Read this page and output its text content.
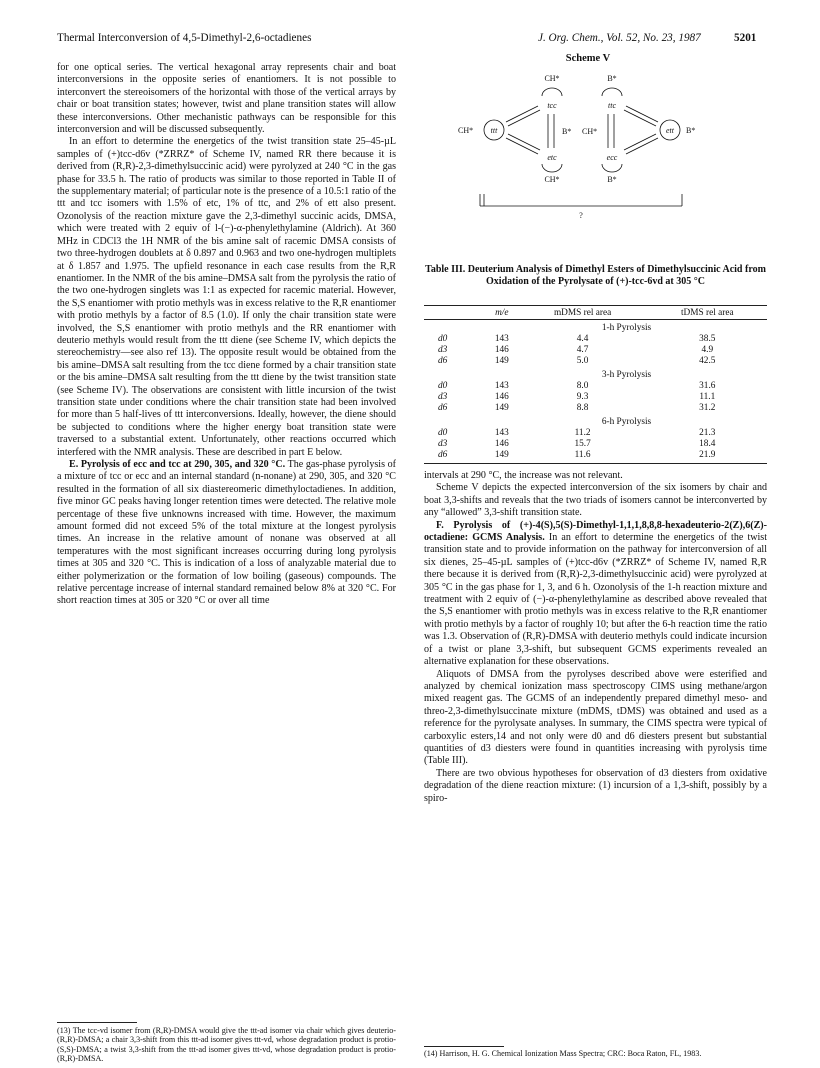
Thermal Interconversion of 4,5-Dimethyl-2,6-octadienes	J. Org. Chem., Vol. 52, No. 23, 1987	5201

for one optical series. The vertical hexagonal array represents chair and boat interconversions in the opposite series of enantiomers. It is not possible to interconvert the stereoisomers of the horizontal with those of the vertical arrays by chair or boat transition states; however, twist and plane transition states will allow these interconversions. Other mechanistic pathways can be responsible for this interconversion and will be discussed subsequently.

In an effort to determine the energetics of the twist transition state 25–45-µL samples of (+)tcc-d6v (*ZRRZ* of Scheme IV, named RR there because it is derived from (R,R)-2,3-dimethylsuccinic acid) were pyrolyzed at 240 °C in the gas phase for 33.5 h. The ratio of products was similar to those reported in Table II of the supplementary material; of particular note is the presence of a 10.5:1 ratio of the ttt and tcc isomers with 1.5% of etc, 1% of ttc, and 2% of ett also present. Ozonolysis of the reaction mixture gave the 2,3-dimethyl succinic acids, DMSA, which were treated with 2 equiv of l-(−)-α-phenylethylamine (Aldrich). At 360 MHz in CDCl3 the 1H NMR of the bis amine salt of racemic DMSA consists of two three-hydrogen doublets at δ 0.897 and 0.963 and two one-hydrogen multiplets at δ 1.857 and 1.975. The upfield resonance in each case results from the R,R enantiomer. In the NMR of the bis amine–DMSA salt from the pyrolysis the ratio of the two one-hydrogen singlets was 1:1 as expected for racemic material. However, the S,S enantiomer with protio methyls was in excess relative to the R,R enantiomer with protio methyls by a factor of 8.5 (1.0). If only the chair transition state were involved, the S,S enantiomer with protio methyls and the RR enantiomer with deuterio methyls would result from the ttt diene (see Scheme IV, which depicts the stereochemistry—see also ref 13). The opposite result would be obtained from the bis amine–DMSA salt resulting from the tcc diene formed by a chair transition state or the bis amine–DMSA salt resulting from the ttt diene by the twist transition state (see Scheme IV). The observations are consistent with little incursion of the twist transition state under conditions where the chair transition state had been involved for more than 5 half-lives of ttt interconversions. Ideally, however, the diene should be subjected to conditions where the higher energy boat transition state were traversed to a substantial extent. Unfortunately, other reactions occurred which interfered with the NMR analysis. These are described in part E below.

E. Pyrolysis of ecc and tcc at 290, 305, and 320 °C. The gas-phase pyrolysis of a mixture of tcc or ecc and an internal standard (n-nonane) at 290, 305, and 320 °C resulted in the formation of all six diastereomeric dimethyloctadienes. In addition, five minor GC peaks having longer retention times were detected. The relative mole percentage of these five unknowns increased with time. However, the maximum amount formed did not exceed 5% of the total mixture at the longest pyrolysis times. An increase in the relative amount of nonane was observed at all temperatures with the most significant increases occurring during long pyrolysis times at 305 and 320 °C. This is indication of a loss of analyzable material due to either polymerization or the formation of low boiling (gaseous) compounds. The relative percentage increase of internal standard remained below 8% at 320 °C. For short reaction times at 305 or 320 °C or over all time

(13) The tcc-vd isomer from (R,R)-DMSA would give the ttt-ad isomer via chair which gives deuterio-(R,R)-DMSA; a chair 3,3-shift from this ttt-ad isomer gives ttt-vd, whose degradation product is protio-(S,S)-DMSA; a twist 3,3-shift from the ttt-ad isomer gives ttt-vd, whose degradation product is protio-(R,R)-DMSA.
Scheme V
ttt
CH*
tcc
CH*
ttc
B*
ett B*
etc
CH*
ecc
B*
B* CH*
?
Table III. Deuterium Analysis of Dimethyl Esters of Dimethylsuccinic Acid from Oxidation of the Pyrolysate of (+)-tcc-6vd at 305 °C
	m/e	mDMS rel area	tDMS rel area
	1-h Pyrolysis		
d0	143	4.4	38.5
d3	146	4.7	4.9
d6	149	5.0	42.5
	3-h Pyrolysis		
d0	143	8.0	31.6
d3	146	9.3	11.1
d6	149	8.8	31.2
	6-h Pyrolysis		
d0	143	11.2	21.3
d3	146	15.7	18.4
d6	149	11.6	21.9

intervals at 290 °C, the increase was not relevant.

Scheme V depicts the expected interconversion of the six isomers by chair and boat 3,3-shifts and reveals that the two triads of isomers cannot be interconverted by any “allowed” 3,3-shift transition state.

F. Pyrolysis of (+)-4(S),5(S)-Dimethyl-1,1,1,8,8,8-hexadeuterio-2(Z),6(Z)-octadiene: GCMS Analysis. In an effort to determine the energetics of the twist transition state and to provide information on the pathway for interconversion of all six dienes, 25–45-µL samples of (+)tcc-d6v (*ZRRZ* of Scheme IV, named R,R there because it is derived from (R,R)-2,3-dimethylsuccinic acid) were pyrolyzed at 305 °C in the gas phase for 1, 3, and 6 h. Ozonolysis of the 1-h reaction mixture and treatment with 2 equiv of (−)-α-phenylethylamine as described above revealed that the S,S enantiomer with protio methyls was in excess relative to the R,R enantiomer with protio methyls by a factor of roughly 10; but after the 6-h reaction time the ratio was 1.3. Observation of (R,R)-DMSA with deuterio methyls could indicate incursion of a twist or plane 3,3-shift, but subsequent GCMS experiments revealed an alternative explanation for these observations.

Aliquots of DMSA from the pyrolyses described above were esterified and analyzed by chemical ionization mass spectroscopy CIMS using methane/argon mixed reagent gas. The GCMS of an independently prepared dimethyl meso- and threo-2,3-dimethylsuccinate mixture (mDMS, tDMS) was obtained and used as a reference for the pyrolysate analyses. In summary, the CIMS spectra were typical of carboxylic esters,14 and not only were d0 and d6 diesters present but substantial quantities of d3 diesters were found in quantities increasing with pyrolysis time (Table III).

There are two obvious hypotheses for observation of d3 diesters from oxidative degradation of the diene reaction mixture: (1) incursion of a 1,3-shift, possibly by a spiro-

(14) Harrison, H. G. Chemical Ionization Mass Spectra; CRC: Boca Raton, FL, 1983.
